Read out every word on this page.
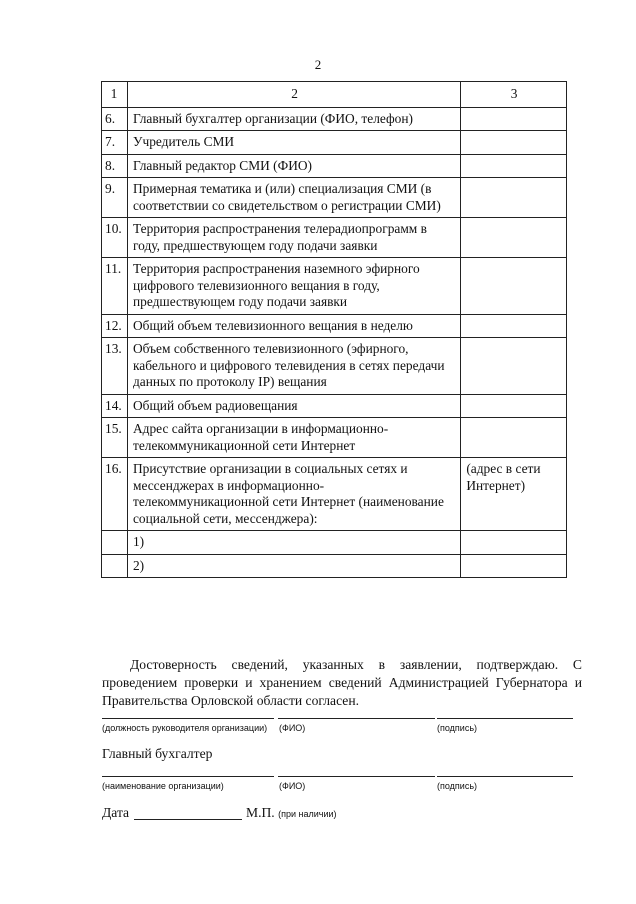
2
1	2	3
6.	Главный бухгалтер организации (ФИО, телефон)	
7.	Учредитель СМИ	
8.	Главный редактор СМИ (ФИО)	
9.	Примерная тематика и (или) специализация СМИ (в соответствии со свидетельством о регистрации СМИ)	
10.	Территория распространения телерадиопрограмм в году, предшествующем году подачи заявки	
11.	Территория распространения наземного эфирного цифрового телевизионного вещания в году, предшествующем году подачи заявки	
12.	Общий объем телевизионного вещания в неделю	
13.	Объем собственного телевизионного (эфирного, кабельного и цифрового телевидения в сетях передачи данных по протоколу IP) вещания	
14.	Общий объем радиовещания	
15.	Адрес сайта организации в информационно-телекоммуникационной сети Интернет	
16.	Присутствие организации в социальных сетях и мессенджерах в информационно-телекоммуникационной сети Интернет (наименование социальной сети, мессенджера):	(адрес в сети Интернет)
	1)	
	2)	
Достоверность сведений, указанных в заявлении, подтверждаю. С проведением проверки и хранением сведений Администрацией Губернатора и Правительства Орловской области согласен.
(должность руководителя организации) (ФИО)	(подпись)
Главный бухгалтер
(наименование организации)	(ФИО)	(подпись)
Дата	М.П. (при наличии)
